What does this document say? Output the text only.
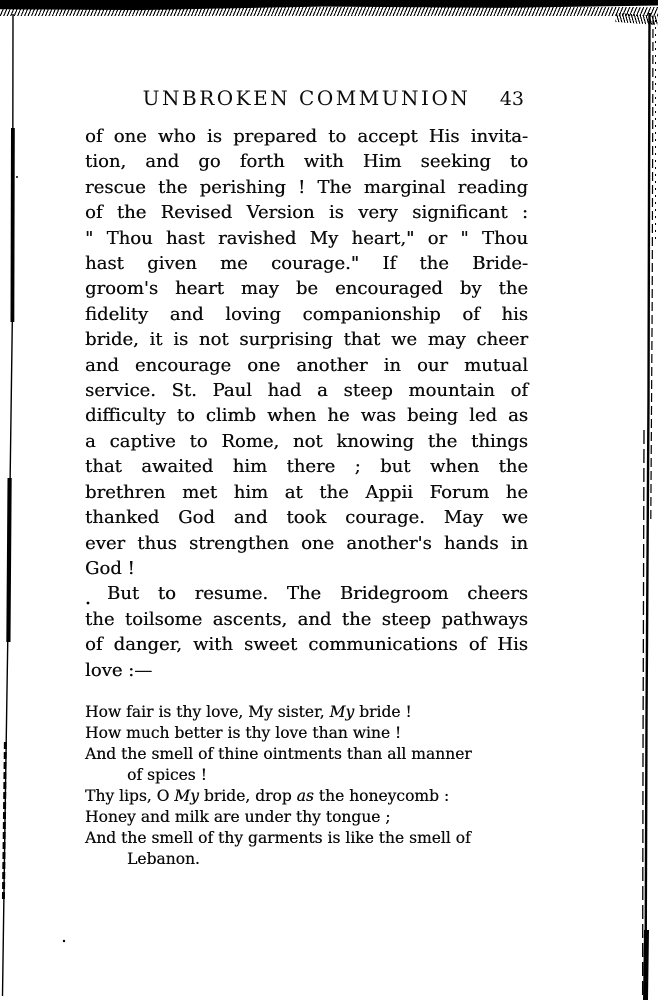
UNBROKEN COMMUNION 43
of one who is prepared to accept His invita-
tion, and go forth with Him seeking to
rescue the perishing ! The marginal reading
of the Revised Version is very significant :
" Thou hast ravished My heart," or " Thou
hast given me courage." If the Bride-
groom's heart may be encouraged by the
fidelity and loving companionship of his
bride, it is not surprising that we may cheer
and encourage one another in our mutual
service. St. Paul had a steep mountain of
difficulty to climb when he was being led as
a captive to Rome, not knowing the things
that awaited him there ; but when the
brethren met him at the Appii Forum he
thanked God and took courage. May we
ever thus strengthen one another's hands in
God !
But to resume. The Bridegroom cheers
the toilsome ascents, and the steep pathways
of danger, with sweet communications of His
love :—
How fair is thy love, My sister, My bride !
How much better is thy love than wine !
And the smell of thine ointments than all manner
of spices !
Thy lips, O My bride, drop as the honeycomb :
Honey and milk are under thy tongue ;
And the smell of thy garments is like the smell of
Lebanon.
